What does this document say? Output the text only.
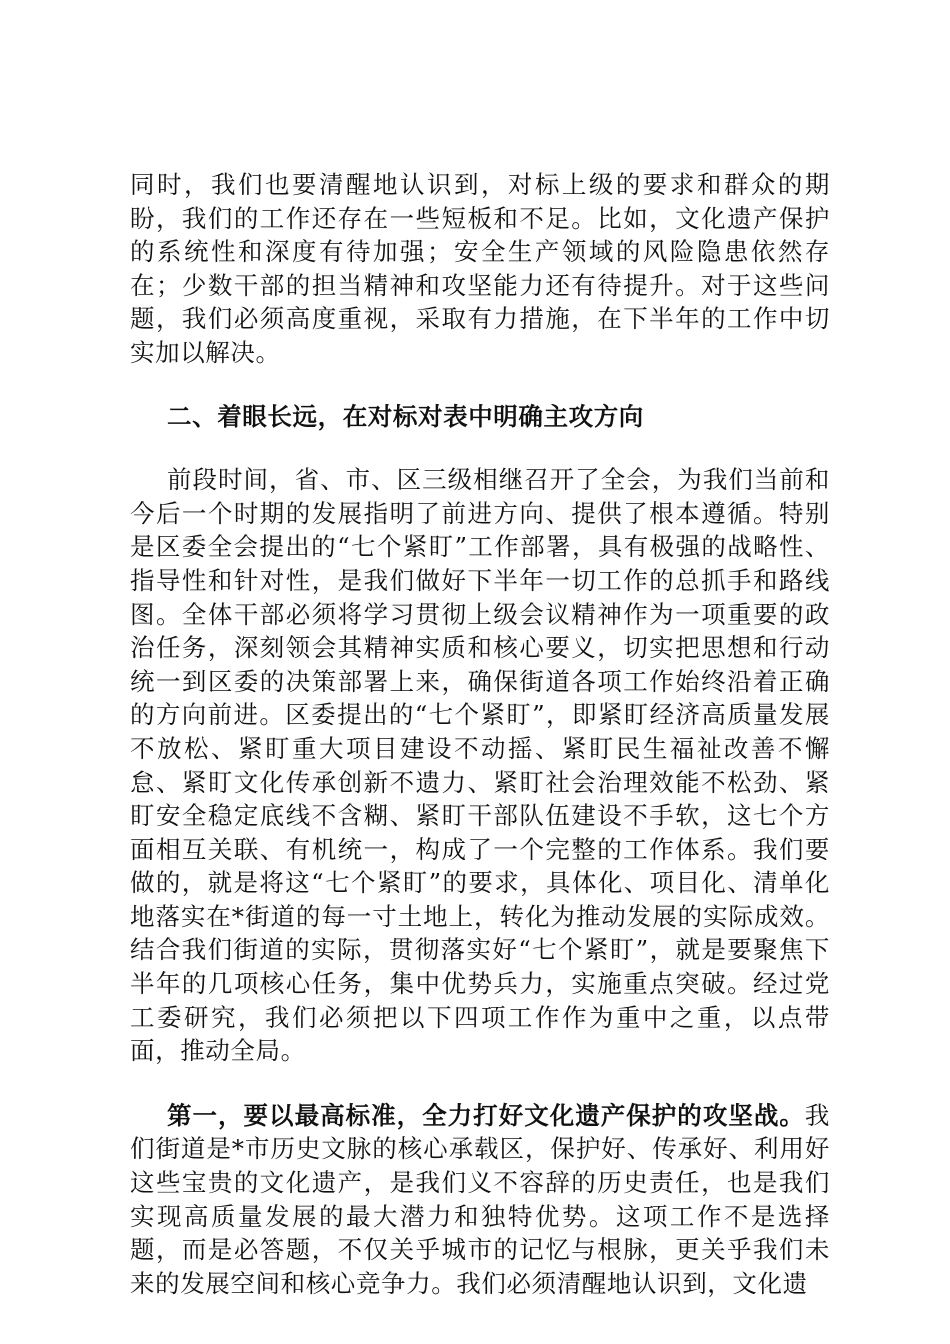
同时，我们也要清醒地认识到，对标上级的要求和群众的期盼，我们的工作还存在一些短板和不足。比如，文化遗产保护的系统性和深度有待加强；安全生产领域的风险隐患依然存在；少数干部的担当精神和攻坚能力还有待提升。对于这些问题，我们必须高度重视，采取有力措施，在下半年的工作中切实加以解决。

二、着眼长远，在对标对表中明确主攻方向

前段时间，省、市、区三级相继召开了全会，为我们当前和今后一个时期的发展指明了前进方向、提供了根本遵循。特别是区委全会提出的“七个紧盯”工作部署，具有极强的战略性、指导性和针对性，是我们做好下半年一切工作的总抓手和路线图。全体干部必须将学习贯彻上级会议精神作为一项重要的政治任务，深刻领会其精神实质和核心要义，切实把思想和行动统一到区委的决策部署上来，确保街道各项工作始终沿着正确的方向前进。区委提出的“七个紧盯”，即紧盯经济高质量发展不放松、紧盯重大项目建设不动摇、紧盯民生福祉改善不懈怠、紧盯文化传承创新不遗力、紧盯社会治理效能不松劲、紧盯安全稳定底线不含糊、紧盯干部队伍建设不手软，这七个方面相互关联、有机统一，构成了一个完整的工作体系。我们要做的，就是将这“七个紧盯”的要求，具体化、项目化、清单化地落实在*街道的每一寸土地上，转化为推动发展的实际成效。结合我们街道的实际，贯彻落实好“七个紧盯”，就是要聚焦下半年的几项核心任务，集中优势兵力，实施重点突破。经过党工委研究，我们必须把以下四项工作作为重中之重，以点带面，推动全局。

第一，要以最高标准，全力打好文化遗产保护的攻坚战。我们街道是*市历史文脉的核心承载区，保护好、传承好、利用好这些宝贵的文化遗产，是我们义不容辞的历史责任，也是我们实现高质量发展的最大潜力和独特优势。这项工作不是选择题，而是必答题，不仅关乎城市的记忆与根脉，更关乎我们未来的发展空间和核心竞争力。我们必须清醒地认识到，文化遗
